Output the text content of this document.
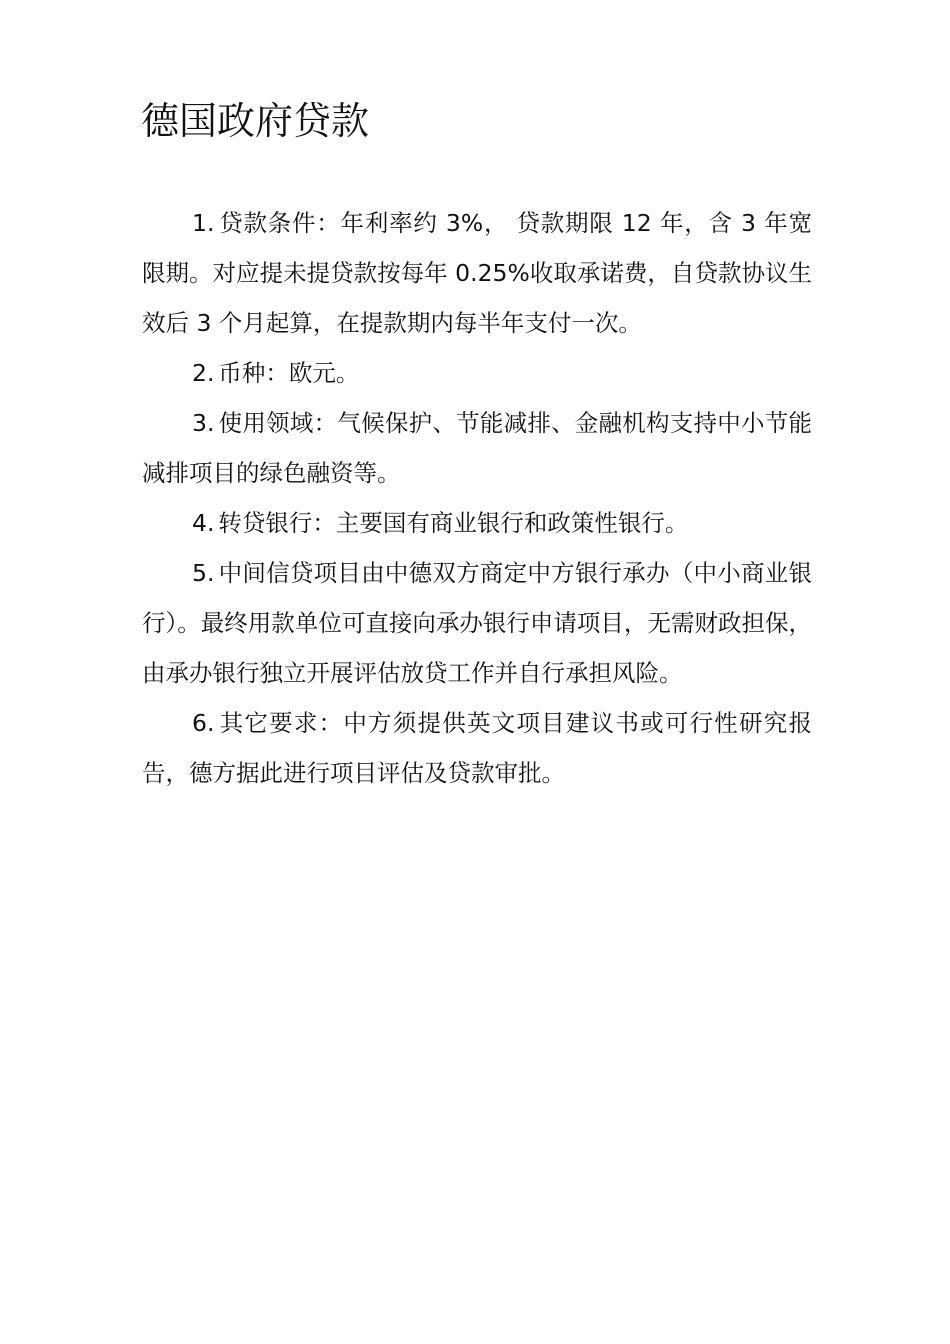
德国政府贷款

1. 贷款条件：年利率约 3%， 贷款期限 12 年，含 3 年宽限期。对应提未提贷款按每年 0.25%收取承诺费，自贷款协议生效后 3 个月起算，在提款期内每半年支付一次。

2. 币种：欧元。

3. 使用领域：气候保护、节能减排、金融机构支持中小节能减排项目的绿色融资等。

4. 转贷银行：主要国有商业银行和政策性银行。

5. 中间信贷项目由中德双方商定中方银行承办（中小商业银行）。最终用款单位可直接向承办银行申请项目，无需财政担保，由承办银行独立开展评估放贷工作并自行承担风险。

6. 其它要求：中方须提供英文项目建议书或可行性研究报告，德方据此进行项目评估及贷款审批。
